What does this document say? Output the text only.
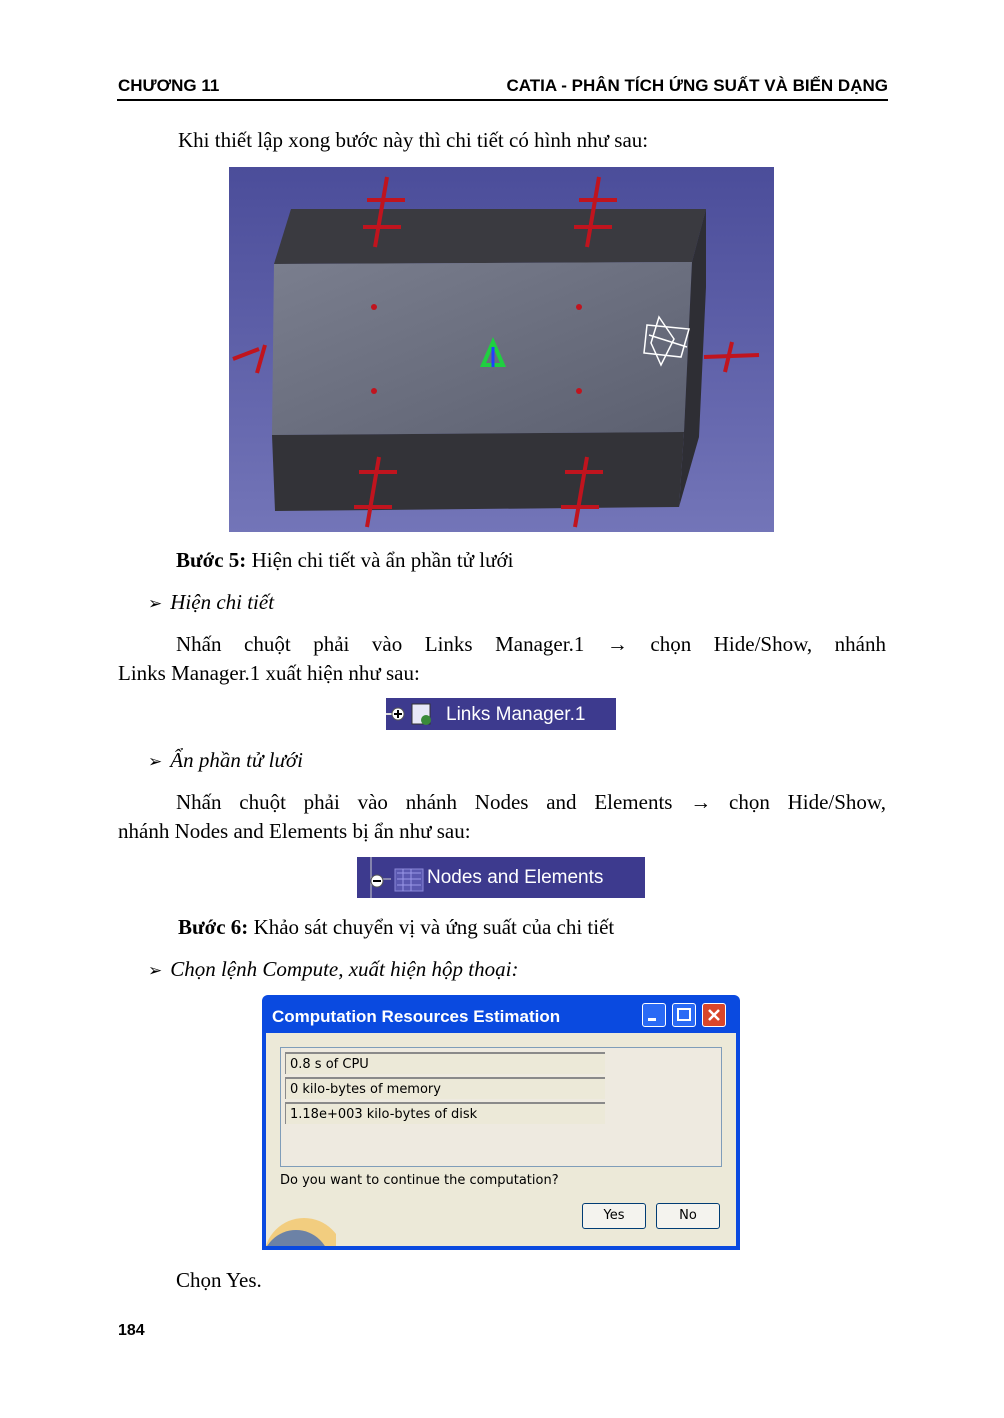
CHƯƠNG 11	CATIA - PHÂN TÍCH ỨNG SUẤT VÀ BIẾN DẠNG

Khi thiết lập xong bước này thì chi tiết có hình như sau:

Bước 5: Hiện chi tiết và ẩn phần tử lưới

➢ Hiện chi tiết

Nhấn chuột phải vào Links Manager.1 → chọn Hide/Show, nhánh

Links Manager.1 xuất hiện như sau:

Links Manager.1
➢ Ẩn phần tử lưới

Nhấn chuột phải vào nhánh Nodes and Elements → chọn Hide/Show,

nhánh Nodes and Elements bị ẩn như sau:

Nodes and Elements

Bước 6: Khảo sát chuyển vị và ứng suất của chi tiết

➢ Chọn lệnh Compute, xuất hiện hộp thoại:
Computation Resources Estimation
0.8 s of CPU
0 kilo-bytes of memory
1.18e+003 kilo-bytes of disk
Do you want to continue the computation?
Yes	No

Chọn Yes.

184
